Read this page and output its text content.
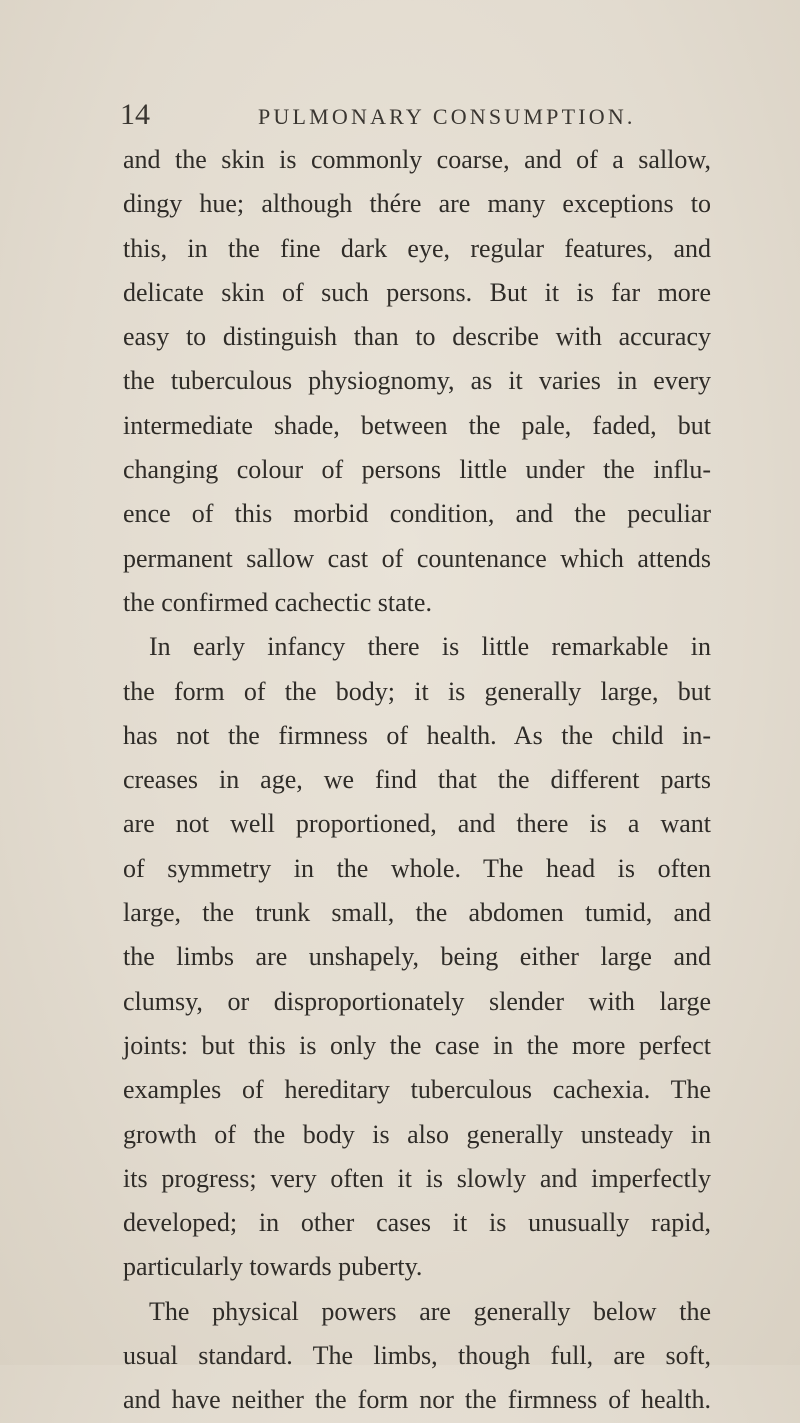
14	PULMONARY CONSUMPTION.
and the skin is commonly coarse, and of a sallow,
dingy hue; although thére are many exceptions to
this, in the fine dark eye, regular features, and
delicate skin of such persons. But it is far more
easy to distinguish than to describe with accuracy
the tuberculous physiognomy, as it varies in every
intermediate shade, between the pale, faded, but
changing colour of persons little under the influ-
ence of this morbid condition, and the peculiar
permanent sallow cast of countenance which attends
the confirmed cachectic state.
In early infancy there is little remarkable in
the form of the body; it is generally large, but
has not the firmness of health. As the child in-
creases in age, we find that the different parts
are not well proportioned, and there is a want
of symmetry in the whole. The head is often
large, the trunk small, the abdomen tumid, and
the limbs are unshapely, being either large and
clumsy, or disproportionately slender with large
joints: but this is only the case in the more perfect
examples of hereditary tuberculous cachexia. The
growth of the body is also generally unsteady in
its progress; very often it is slowly and imperfectly
developed; in other cases it is unusually rapid,
particularly towards puberty.
The physical powers are generally below the
usual standard. The limbs, though full, are soft,
and have neither the form nor the firmness of health.
